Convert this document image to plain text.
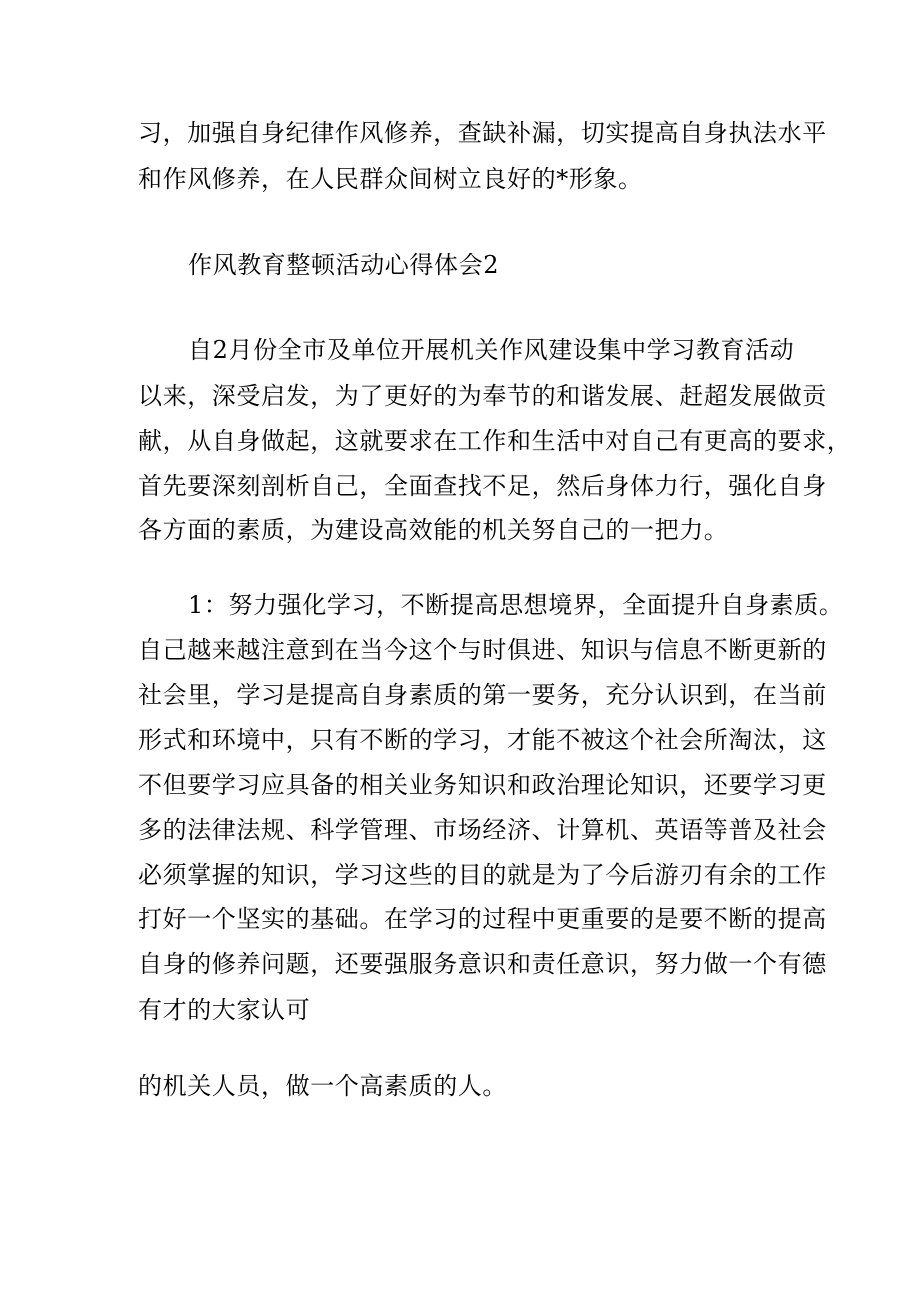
习，加强自身纪律作风修养，查缺补漏，切实提高自身执法水平
和作风修养，在人民群众间树立良好的*形象。
作风教育整顿活动心得体会2
自2月份全市及单位开展机关作风建设集中学习教育活动
以来，深受启发，为了更好的为奉节的和谐发展、赶超发展做贡
献，从自身做起，这就要求在工作和生活中对自己有更高的要求，
首先要深刻剖析自己，全面查找不足，然后身体力行，强化自身
各方面的素质，为建设高效能的机关努自己的一把力。
1：努力强化学习，不断提高思想境界，全面提升自身素质。
自己越来越注意到在当今这个与时俱进、知识与信息不断更新的
社会里，学习是提高自身素质的第一要务，充分认识到，在当前
形式和环境中，只有不断的学习，才能不被这个社会所淘汰，这
不但要学习应具备的相关业务知识和政治理论知识，还要学习更
多的法律法规、科学管理、市场经济、计算机、英语等普及社会
必须掌握的知识，学习这些的目的就是为了今后游刃有余的工作
打好一个坚实的基础。在学习的过程中更重要的是要不断的提高
自身的修养问题，还要强服务意识和责任意识，努力做一个有德
有才的大家认可
的机关人员，做一个高素质的人。
